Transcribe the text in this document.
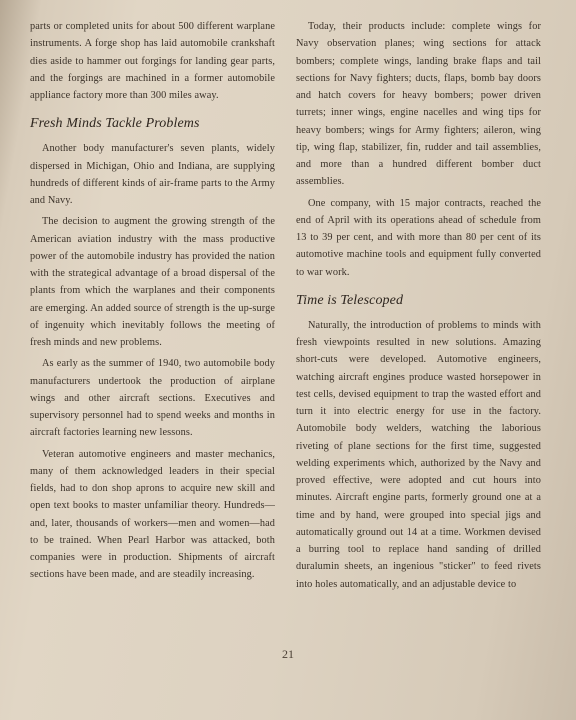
parts or completed units for about 500 different warplane instruments. A forge shop has laid automobile crankshaft dies aside to hammer out forgings for landing gear parts, and the forgings are machined in a former automobile appliance factory more than 300 miles away.

Fresh Minds Tackle Problems

Another body manufacturer's seven plants, widely dispersed in Michigan, Ohio and Indiana, are supplying hundreds of different kinds of air-frame parts to the Army and Navy.

The decision to augment the growing strength of the American aviation industry with the mass productive power of the automobile industry has provided the nation with the strategical advantage of a broad dispersal of the plants from which the warplanes and their components are emerging. An added source of strength is the up-surge of ingenuity which inevitably follows the meeting of fresh minds and new problems.

As early as the summer of 1940, two automobile body manufacturers undertook the production of airplane wings and other aircraft sections. Executives and supervisory personnel had to spend weeks and months in aircraft factories learning new lessons.

Veteran automotive engineers and master mechanics, many of them acknowledged leaders in their special fields, had to don shop aprons to acquire new skill and open text books to master unfamiliar theory. Hundreds—and, later, thousands of workers—men and women—had to be trained. When Pearl Harbor was attacked, both companies were in production. Shipments of aircraft sections have been made, and are steadily increasing.

Today, their products include: complete wings for Navy observation planes; wing sections for attack bombers; complete wings, landing brake flaps and tail sections for Navy fighters; ducts, flaps, bomb bay doors and hatch covers for heavy bombers; power driven turrets; inner wings, engine nacelles and wing tips for heavy bombers; wings for Army fighters; aileron, wing tip, wing flap, stabilizer, fin, rudder and tail assemblies, and more than a hundred different bomber duct assemblies.

One company, with 15 major contracts, reached the end of April with its operations ahead of schedule from 13 to 39 per cent, and with more than 80 per cent of its automotive machine tools and equipment fully converted to war work.

Time is Telescoped

Naturally, the introduction of problems to minds with fresh viewpoints resulted in new solutions. Amazing short-cuts were developed. Automotive engineers, watching aircraft engines produce wasted horsepower in test cells, devised equipment to trap the wasted effort and turn it into electric energy for use in the factory. Automobile body welders, watching the laborious riveting of plane sections for the first time, suggested welding experiments which, authorized by the Navy and proved effective, were adopted and cut hours into minutes. Aircraft engine parts, formerly ground one at a time and by hand, were grouped into special jigs and automatically ground out 14 at a time. Workmen devised a burring tool to replace hand sanding of drilled duralumin sheets, an ingenious "sticker" to feed rivets into holes automatically, and an adjustable device to

21
